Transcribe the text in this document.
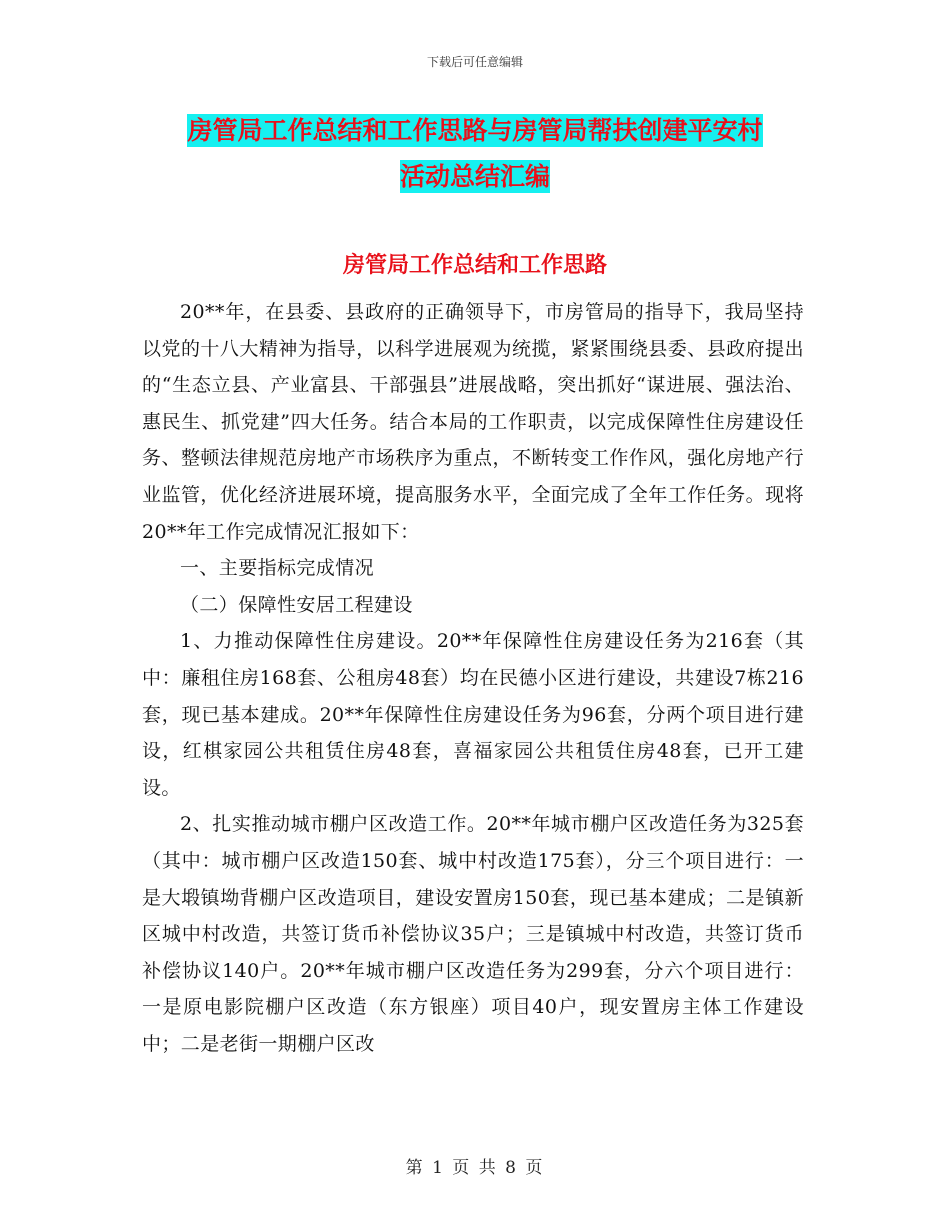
下载后可任意编辑
房管局工作总结和工作思路与房管局帮扶创建平安村
活动总结汇编
房管局工作总结和工作思路

20**年，在县委、县政府的正确领导下，市房管局的指导下，我局坚持以党的十八大精神为指导，以科学进展观为统揽，紧紧围绕县委、县政府提出的“生态立县、产业富县、干部强县”进展战略，突出抓好“谋进展、强法治、惠民生、抓党建”四大任务。结合本局的工作职责，以完成保障性住房建设任务、整顿法律规范房地产市场秩序为重点，不断转变工作作风，强化房地产行业监管，优化经济进展环境，提高服务水平，全面完成了全年工作任务。现将20**年工作完成情况汇报如下：

一、主要指标完成情况

（二）保障性安居工程建设

1、力推动保障性住房建设。20**年保障性住房建设任务为216套（其中：廉租住房168套、公租房48套）均在民德小区进行建设，共建设7栋216套，现已基本建成。20**年保障性住房建设任务为96套，分两个项目进行建设，红棋家园公共租赁住房48套，喜福家园公共租赁住房48套，已开工建设。

2、扎实推动城市棚户区改造工作。20**年城市棚户区改造任务为325套（其中：城市棚户区改造150套、城中村改造175套），分三个项目进行：一是大塅镇坳背棚户区改造项目，建设安置房150套，现已基本建成；二是镇新区城中村改造，共签订货币补偿协议35户；三是镇城中村改造，共签订货币补偿协议140户。20**年城市棚户区改造任务为299套，分六个项目进行：一是原电影院棚户区改造（东方银座）项目40户，现安置房主体工作建设中；二是老街一期棚户区改

第 1 页 共 8 页
